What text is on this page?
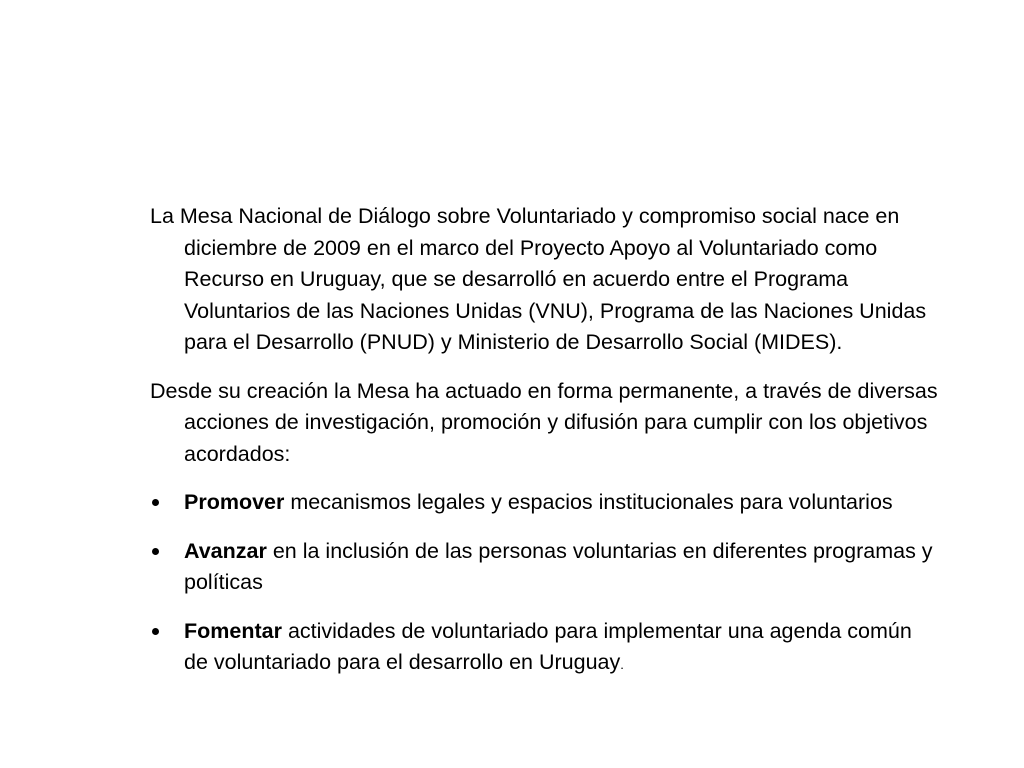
La Mesa Nacional de Diálogo sobre Voluntariado y compromiso social nace en diciembre de 2009 en el marco del Proyecto Apoyo al Voluntariado como Recurso en Uruguay, que se desarrolló en acuerdo entre el Programa Voluntarios de las Naciones Unidas (VNU), Programa de las Naciones Unidas para el Desarrollo (PNUD) y Ministerio de Desarrollo Social (MIDES).

Desde su creación la Mesa ha actuado en forma permanente, a través de diversas acciones de investigación, promoción y difusión para cumplir con los objetivos acordados:

Promover mecanismos legales y espacios institucionales para voluntarios
Avanzar en la inclusión de las personas voluntarias en diferentes programas y políticas
Fomentar actividades de voluntariado para implementar una agenda común de voluntariado para el desarrollo en Uruguay.
